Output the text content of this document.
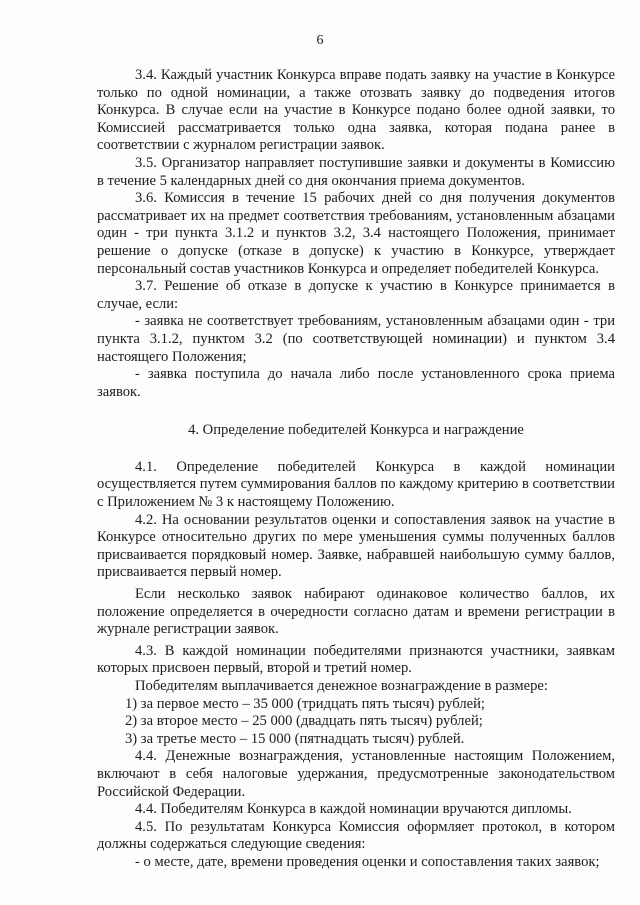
6

3.4. Каждый участник Конкурса вправе подать заявку на участие в Конкурсе только по одной номинации, а также отозвать заявку до подведения итогов Конкурса. В случае если на участие в Конкурсе подано более одной заявки, то Комиссией рассматривается только одна заявка, которая подана ранее в соответствии с журналом регистрации заявок.

3.5. Организатор направляет поступившие заявки и документы в Комиссию в течение 5 календарных дней со дня окончания приема документов.

3.6. Комиссия в течение 15 рабочих дней со дня получения документов рассматривает их на предмет соответствия требованиям, установленным абзацами один - три пункта 3.1.2 и пунктов 3.2, 3.4 настоящего Положения, принимает решение о допуске (отказе в допуске) к участию в Конкурсе, утверждает персональный состав участников Конкурса и определяет победителей Конкурса.

3.7. Решение об отказе в допуске к участию в Конкурсе принимается в случае, если:

- заявка не соответствует требованиям, установленным абзацами один - три пункта 3.1.2, пунктом 3.2 (по соответствующей номинации) и пунктом 3.4 настоящего Положения;

- заявка поступила до начала либо после установленного срока приема заявок.

4. Определение победителей Конкурса и награждение

4.1. Определение победителей Конкурса в каждой номинации осуществляется путем суммирования баллов по каждому критерию в соответствии с Приложением № 3 к настоящему Положению.

4.2. На основании результатов оценки и сопоставления заявок на участие в Конкурсе относительно других по мере уменьшения суммы полученных баллов присваивается порядковый номер. Заявке, набравшей наибольшую сумму баллов, присваивается первый номер.

Если несколько заявок набирают одинаковое количество баллов, их положение определяется в очередности согласно датам и времени регистрации в журнале регистрации заявок.

4.3. В каждой номинации победителями признаются участники, заявкам которых присвоен первый, второй и третий номер.

Победителям выплачивается денежное вознаграждение в размере:

1) за первое место – 35 000 (тридцать пять тысяч) рублей;

2) за второе место – 25 000 (двадцать пять тысяч) рублей;

3) за третье место – 15 000 (пятнадцать тысяч) рублей.

4.4. Денежные вознаграждения, установленные настоящим Положением, включают в себя налоговые удержания, предусмотренные законодательством Российской Федерации.

4.4. Победителям Конкурса в каждой номинации вручаются дипломы.

4.5. По результатам Конкурса Комиссия оформляет протокол, в котором должны содержаться следующие сведения:

- о месте, дате, времени проведения оценки и сопоставления таких заявок;
